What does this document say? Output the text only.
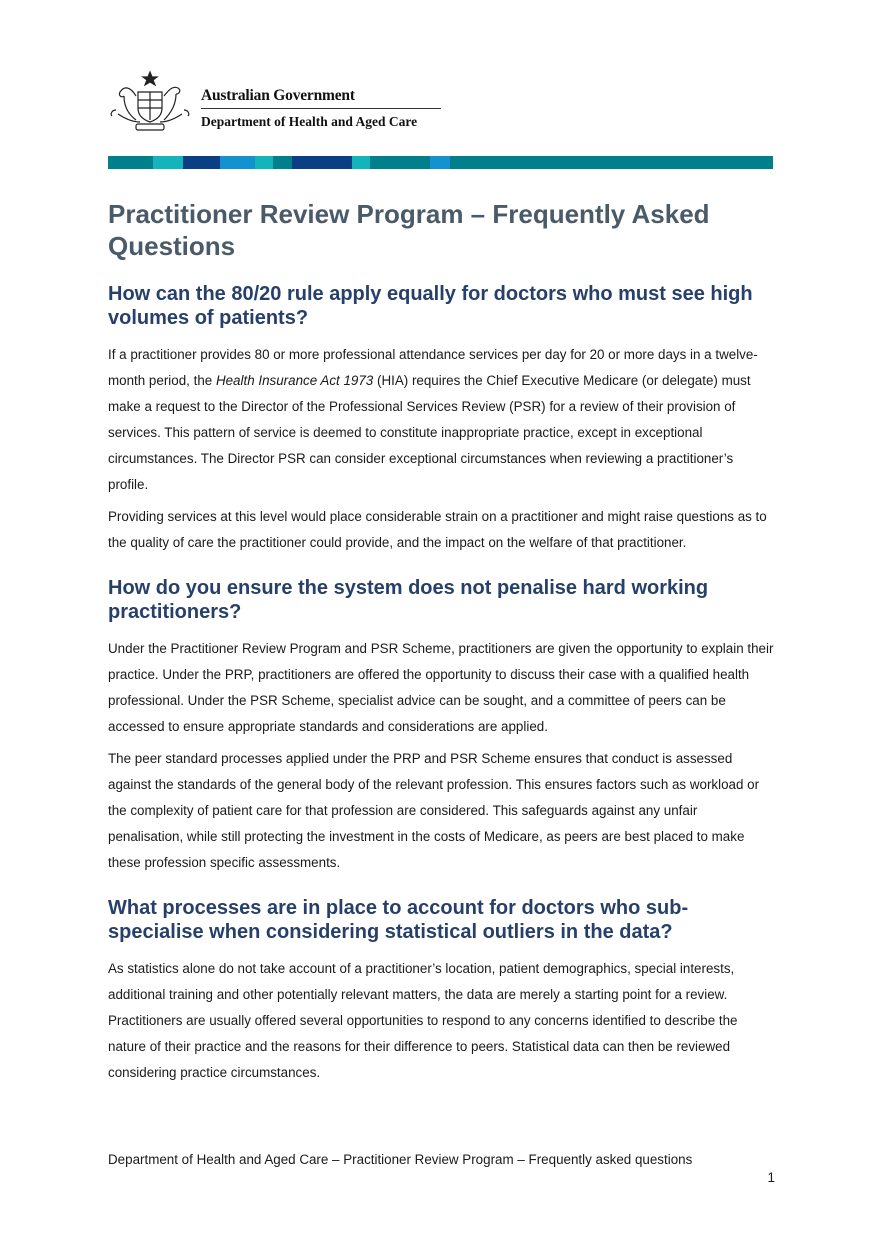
Australian Government
Department of Health and Aged Care
Practitioner Review Program – Frequently Asked Questions
How can the 80/20 rule apply equally for doctors who must see high volumes of patients?

If a practitioner provides 80 or more professional attendance services per day for 20 or more days in a twelve-month period, the Health Insurance Act 1973 (HIA) requires the Chief Executive Medicare (or delegate) must make a request to the Director of the Professional Services Review (PSR) for a review of their provision of services. This pattern of service is deemed to constitute inappropriate practice, except in exceptional circumstances. The Director PSR can consider exceptional circumstances when reviewing a practitioner’s profile.

Providing services at this level would place considerable strain on a practitioner and might raise questions as to the quality of care the practitioner could provide, and the impact on the welfare of that practitioner.

How do you ensure the system does not penalise hard working practitioners?

Under the Practitioner Review Program and PSR Scheme, practitioners are given the opportunity to explain their practice. Under the PRP, practitioners are offered the opportunity to discuss their case with a qualified health professional. Under the PSR Scheme, specialist advice can be sought, and a committee of peers can be accessed to ensure appropriate standards and considerations are applied.

The peer standard processes applied under the PRP and PSR Scheme ensures that conduct is assessed against the standards of the general body of the relevant profession. This ensures factors such as workload or the complexity of patient care for that profession are considered. This safeguards against any unfair penalisation, while still protecting the investment in the costs of Medicare, as peers are best placed to make these profession specific assessments.

What processes are in place to account for doctors who sub-specialise when considering statistical outliers in the data?

As statistics alone do not take account of a practitioner’s location, patient demographics, special interests, additional training and other potentially relevant matters, the data are merely a starting point for a review. Practitioners are usually offered several opportunities to respond to any concerns identified to describe the nature of their practice and the reasons for their difference to peers. Statistical data can then be reviewed considering practice circumstances.

Department of Health and Aged Care – Practitioner Review Program – Frequently asked questions
1
